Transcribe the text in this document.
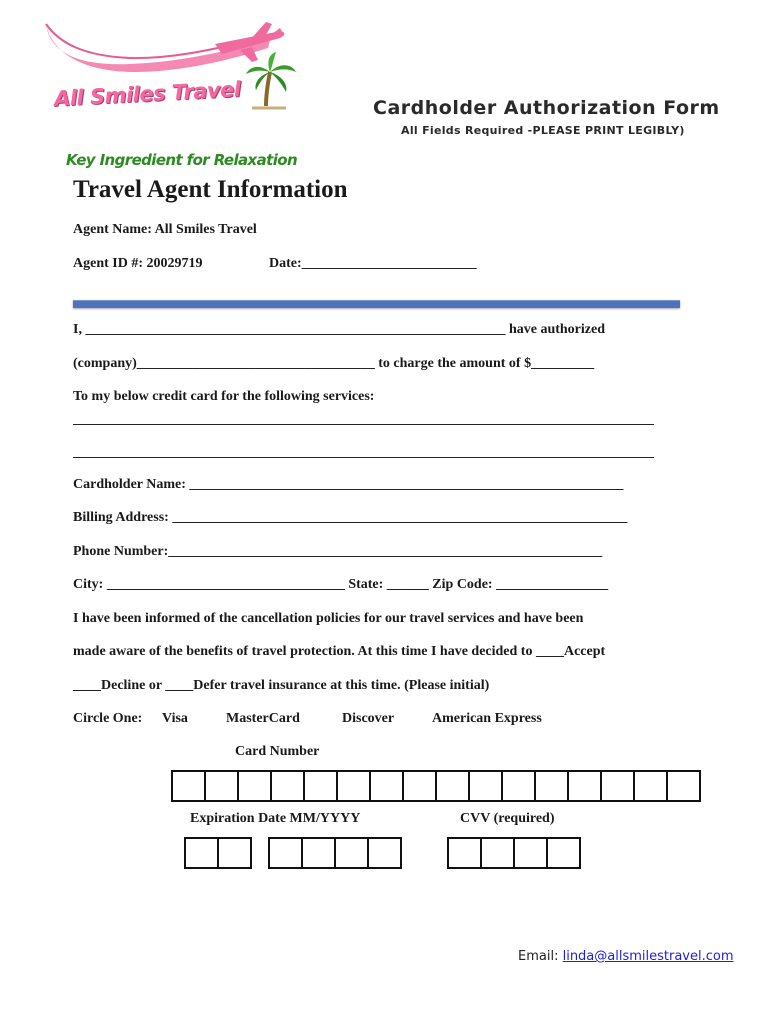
All Smiles Travel	Cardholder Authorization Form
All Fields Required -PLEASE PRINT LEGIBLY)
Key Ingredient for Relaxation
Travel Agent Information
Agent Name: All Smiles Travel
Agent ID #: 20029719	Date:_________________________
I, ____________________________________________________________ have authorized
(company)__________________________________ to charge the amount of $_________
To my below credit card for the following services:
Cardholder Name: ______________________________________________________________
Billing Address: _________________________________________________________________
Phone Number:______________________________________________________________
City: __________________________________ State: ______ Zip Code: ________________
I have been informed of the cancellation policies for our travel services and have been
made aware of the benefits of travel protection. At this time I have decided to ____Accept
____Decline or ____Defer travel insurance at this time. (Please initial)
Circle One: Visa	MasterCard	Discover	American Express
Card Number
Expiration Date MM/YYYY	CVV (required)
Email: linda@allsmilestravel.com
